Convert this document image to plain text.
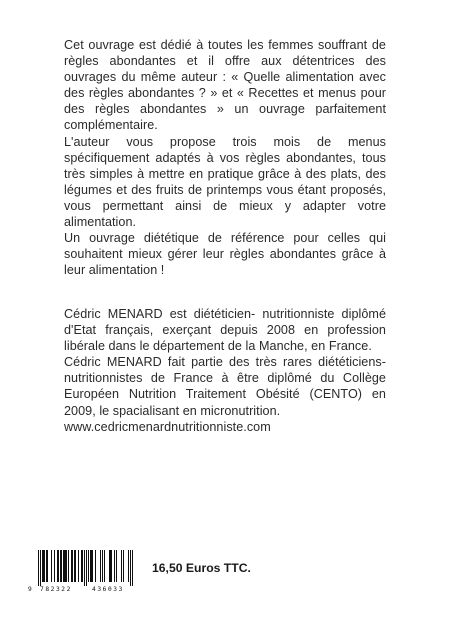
Cet ouvrage est dédié à toutes les femmes souffrant de règles abondantes et il offre aux détentrices des ouvrages du même auteur : « Quelle alimentation avec des règles abondantes ? » et « Recettes et menus pour des règles abondantes » un ouvrage parfaitement complémentaire.

L'auteur vous propose trois mois de menus spécifiquement adaptés à vos règles abondantes, tous très simples à mettre en pratique grâce à des plats, des légumes et des fruits de printemps vous étant proposés, vous permettant ainsi de mieux y adapter votre alimentation.

Un ouvrage diététique de référence pour celles qui souhaitent mieux gérer leur règles abondantes grâce à leur alimentation !

Cédric MENARD est diététicien- nutritionniste diplômé d'Etat français, exerçant depuis 2008 en profession libérale dans le département de la Manche, en France.

Cédric MENARD fait partie des très rares diététiciens-nutritionnistes de France à être diplômé du Collège Européen Nutrition Traitement Obésité (CENTO) en 2009, le spacialisant en micronutrition.

www.cedricmenardnutritionniste.com

9 782322	436033
16,50 Euros TTC.
